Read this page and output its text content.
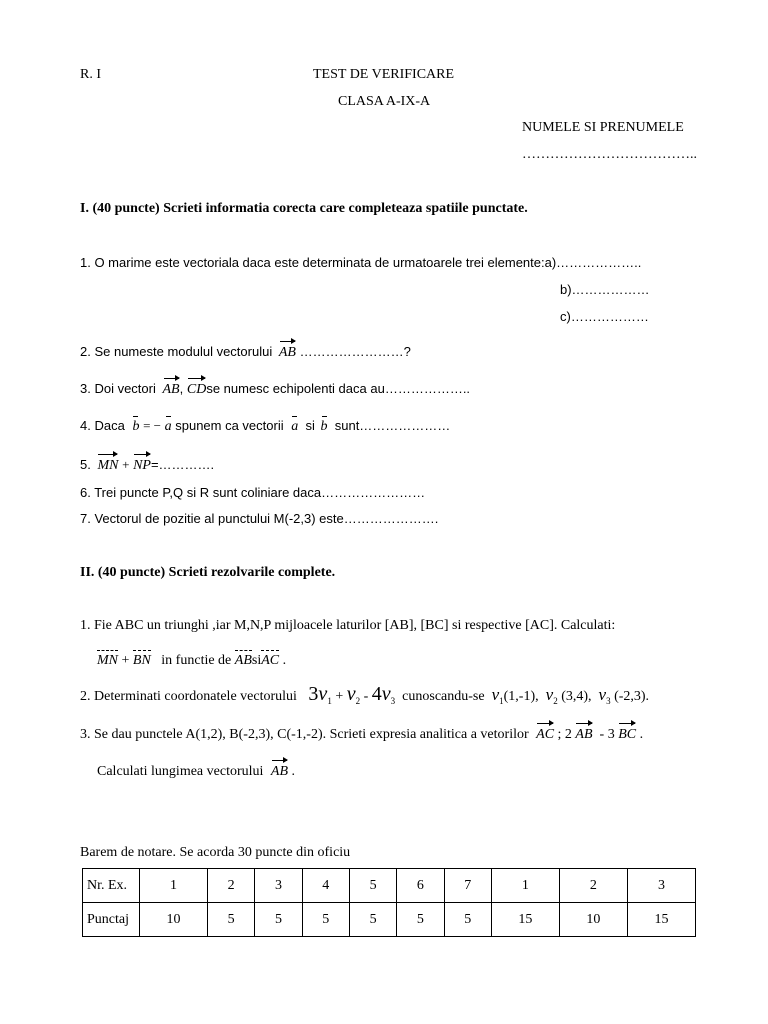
R. I	TEST DE VERIFICARE
CLASA A-IX-A
NUMELE SI PRENUMELE
………………………………..
I. (40 puncte) Scrieti informatia corecta care completeaza spatiile punctate.
1. O marime este vectoriala daca este determinata de urmatoarele trei elemente:a)………………..
b)………………
c)………………
2. Se numeste modulul vectorului AB ……………………?
3. Doi vectori AB, CDse numesc echipolenti daca au………………..
4. Daca b = − a spunem ca vectorii a si b sunt…………………
5. MN + NP=………….
6. Trei puncte P,Q si R sunt coliniare daca……………………
7. Vectorul de pozitie al punctului M(-2,3) este………………….
II. (40 puncte) Scrieti rezolvarile complete.
1. Fie ABC un triunghi ,iar M,N,P mijloacele laturilor [AB], [BC] si respective [AC]. Calculati:
MN + BN in functie de ABsiAC .
2. Determinati coordonatele vectorului $3v_1 + v_2 - 4v_3$ cunoscandu-se $v_1(1,-1)$, $v_2$ (3,4), $v_3$ (-2,3).
3. Se dau punctele A(1,2), B(-2,3), C(-1,-2). Scrieti expresia analitica a vetorilor AC ; 2 AB - 3 BC .
Calculati lungimea vectorului AB .
Barem de notare. Se acorda 30 puncte din oficiu
Nr. Ex.	1	2	3	4	5	6	7	1	2	3
Punctaj	10	5	5	5	5	5	5	15	10	15
